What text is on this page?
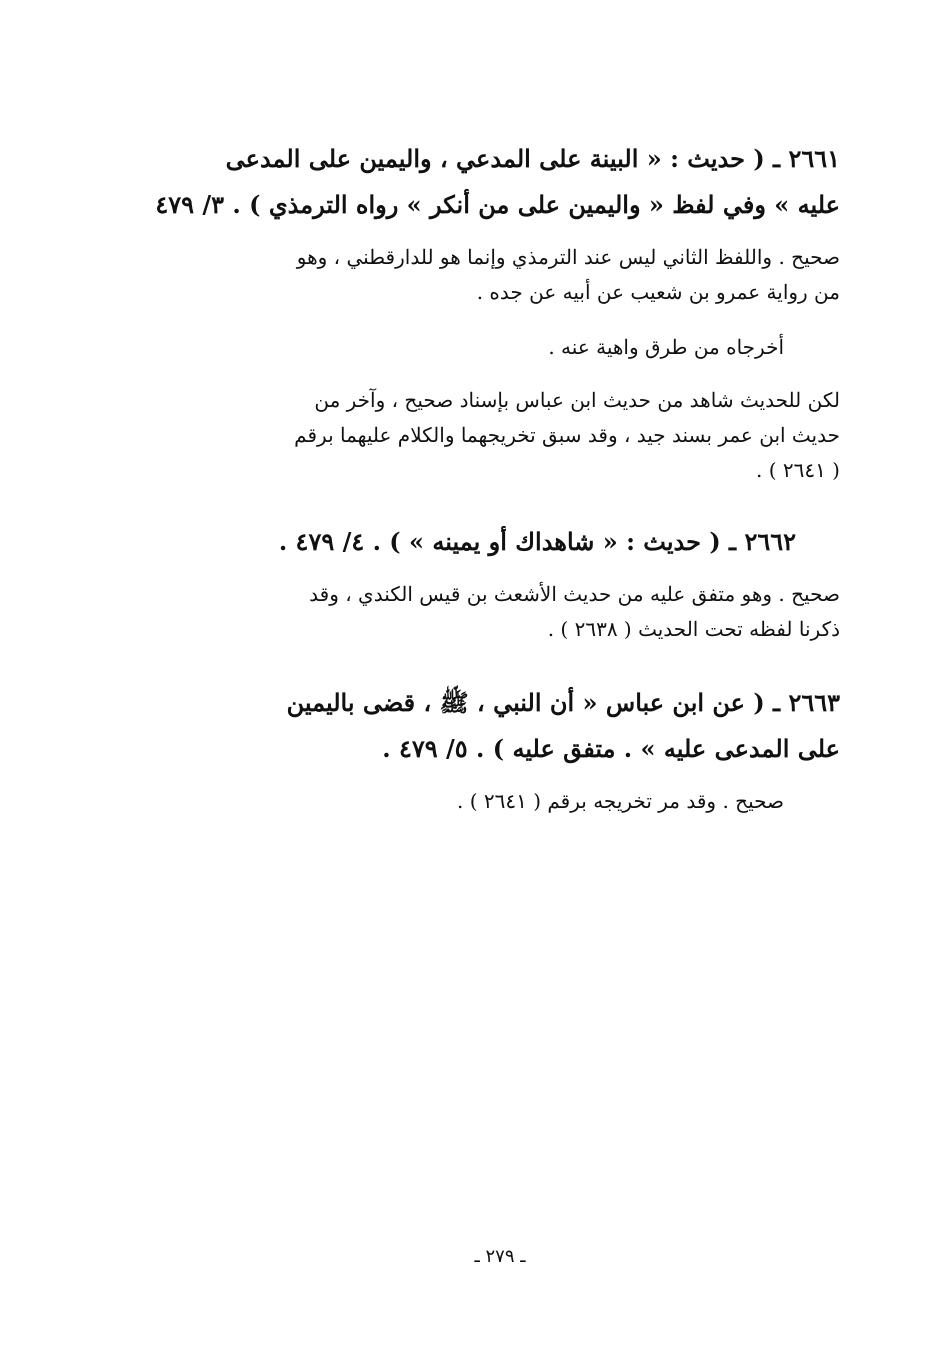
٢٦٦١ ـ ( حديث : « البينة على المدعي ، واليمين على المدعى
عليه » وفي لفظ « واليمين على من أنكر » رواه الترمذي ) . ٣/ ٤٧٩
صحيح . واللفظ الثاني ليس عند الترمذي وإنما هو للدارقطني ، وهو
من رواية عمرو بن شعيب عن أبيه عن جده .
أخرجاه من طرق واهية عنه .
لكن للحديث شاهد من حديث ابن عباس بإسناد صحيح ، وآخر من
حديث ابن عمر بسند جيد ، وقد سبق تخريجهما والكلام عليهما برقم
( ٢٦٤١ ) .
٢٦٦٢ ـ ( حديث : « شاهداك أو يمينه » ) . ٤/ ٤٧٩ .
صحيح . وهو متفق عليه من حديث الأشعث بن قيس الكندي ، وقد
ذكرنا لفظه تحت الحديث ( ٢٦٣٨ ) .
٢٦٦٣ ـ ( عن ابن عباس « أن النبي ، ﷺ ، قضى باليمين
على المدعى عليه » . متفق عليه ) . ٥/ ٤٧٩ .
صحيح . وقد مر تخريجه برقم ( ٢٦٤١ ) .
ـ ٢٧٩ ـ
